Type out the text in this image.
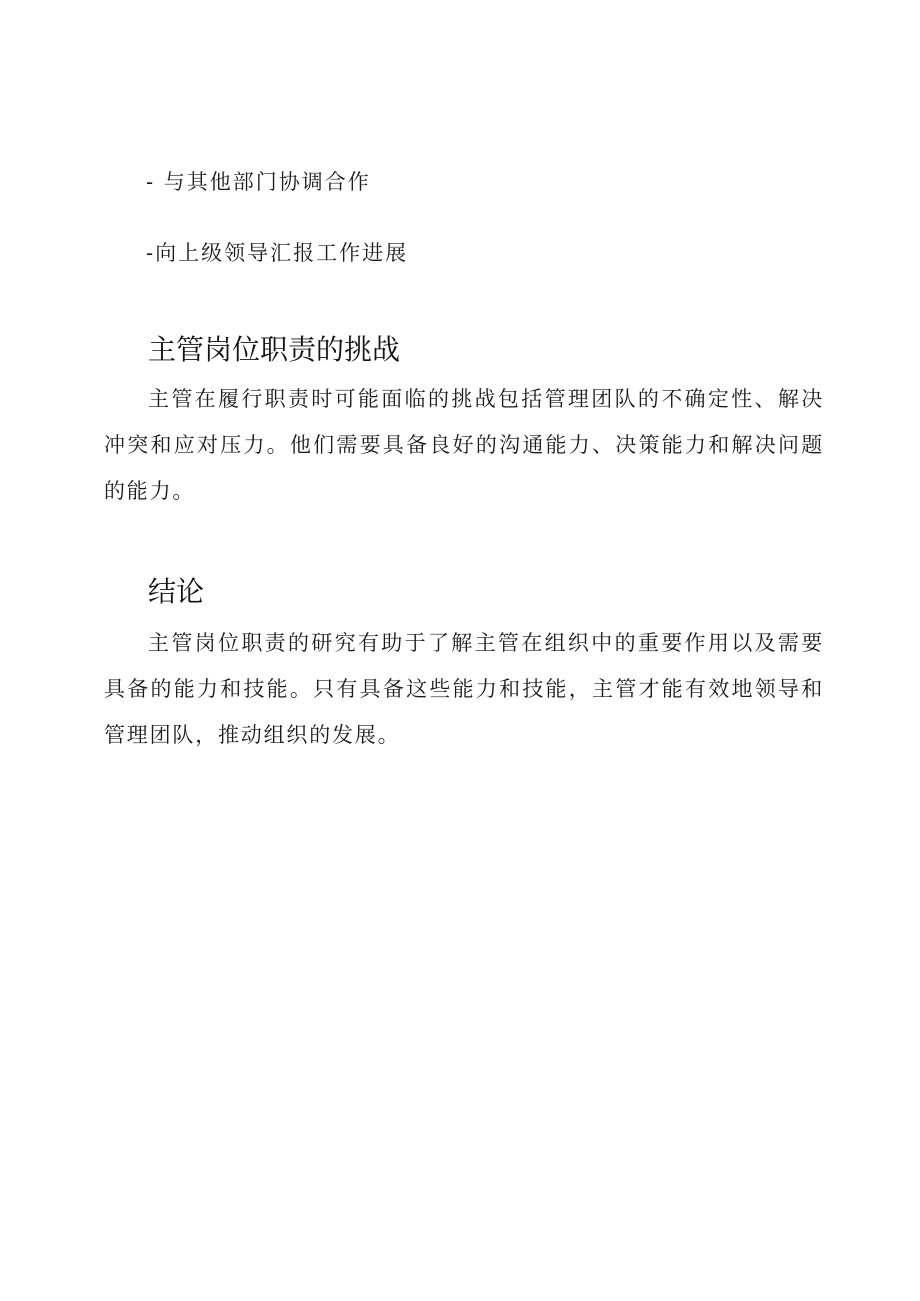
- 与其他部门协调合作
-向上级领导汇报工作进展
主管岗位职责的挑战

主管在履行职责时可能面临的挑战包括管理团队的不确定性、解决冲突和应对压力。他们需要具备良好的沟通能力、决策能力和解决问题的能力。

结论

主管岗位职责的研究有助于了解主管在组织中的重要作用以及需要具备的能力和技能。只有具备这些能力和技能，主管才能有效地领导和管理团队，推动组织的发展。
